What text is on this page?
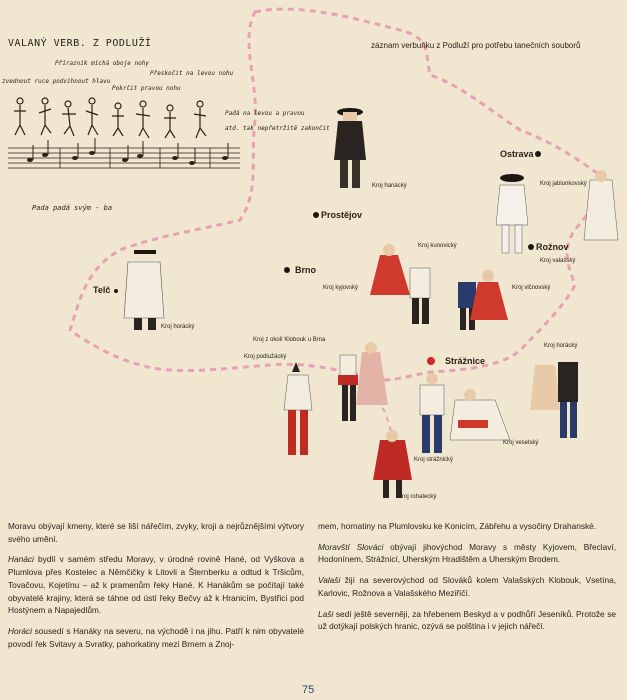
VALANÝ VERB. Z PODLUŽÍ
zvednout ruce podvihnout hlavu
Přírazník míchá oboje nohy
Pokrčit pravou nohu
Přeskočit na levou nohu
Padá na levou a pravou
atd. tak nepřetržitě zakončit
Pada padá svým - ba
záznam verbuňku z Podluží pro potřebu tanečních souborů
Ostrava
Prostějov
Rožnov
Brno
Telč
Strážnice
Kroj hanácký	Kroj jablunkovský
Kroj kunovický
Kroj valašský
Kroj kyjovský	Kroj vlčnovský
Kroj horácký
Kroj z okolí Klobouk u Brna
Kroj podlužácký
Kroj horácký
Kroj veselský
Kroj strážnický
Kroj rohatecký

Moravu obývají kmeny, které se liší nářečím, zvyky, kroji a nejrůznějšími výtvory svého umění.

Hanáci bydlí v samém středu Moravy, v úrodné rovině Hané, od Vyškova a Plumlova přes Kostelec a Němčičky k Litovli a Šternberku a odtud k Tršicům, Tovačovu, Kojetínu – až k pramenům řeky Hané. K Hanákům se počítají také obyvatelé krajiny, která se táhne od ústí řeky Bečvy až k Hranicím, Bystřici pod Hostýnem a Napajedlům.

Horáci sousedí s Hanáky na severu, na východě i na jihu. Patří k nim obyvatelé povodí řek Svitavy a Svratky, pahorkatiny mezi Brnem a Znoj-

mem, hornatiny na Plumlovsku ke Konicím, Zábřehu a vysočiny Drahanské.

Moravští Slováci obývají jihovýchod Moravy s městy Kyjovem, Břeclaví, Hodonínem, Strážnicí, Uherským Hradištěm a Uherským Brodem.

Valaši žijí na severovýchod od Slováků kolem Valašských Klobouk, Vsetína, Karlovic, Rožnova a Valašského Meziříčí.

Laši sedí ještě severněji, za hřebenem Beskyd a v podhůří Jeseníků. Protože se už dotýkají polských hranic, ozývá se polština i v jejich nářečí.

75
